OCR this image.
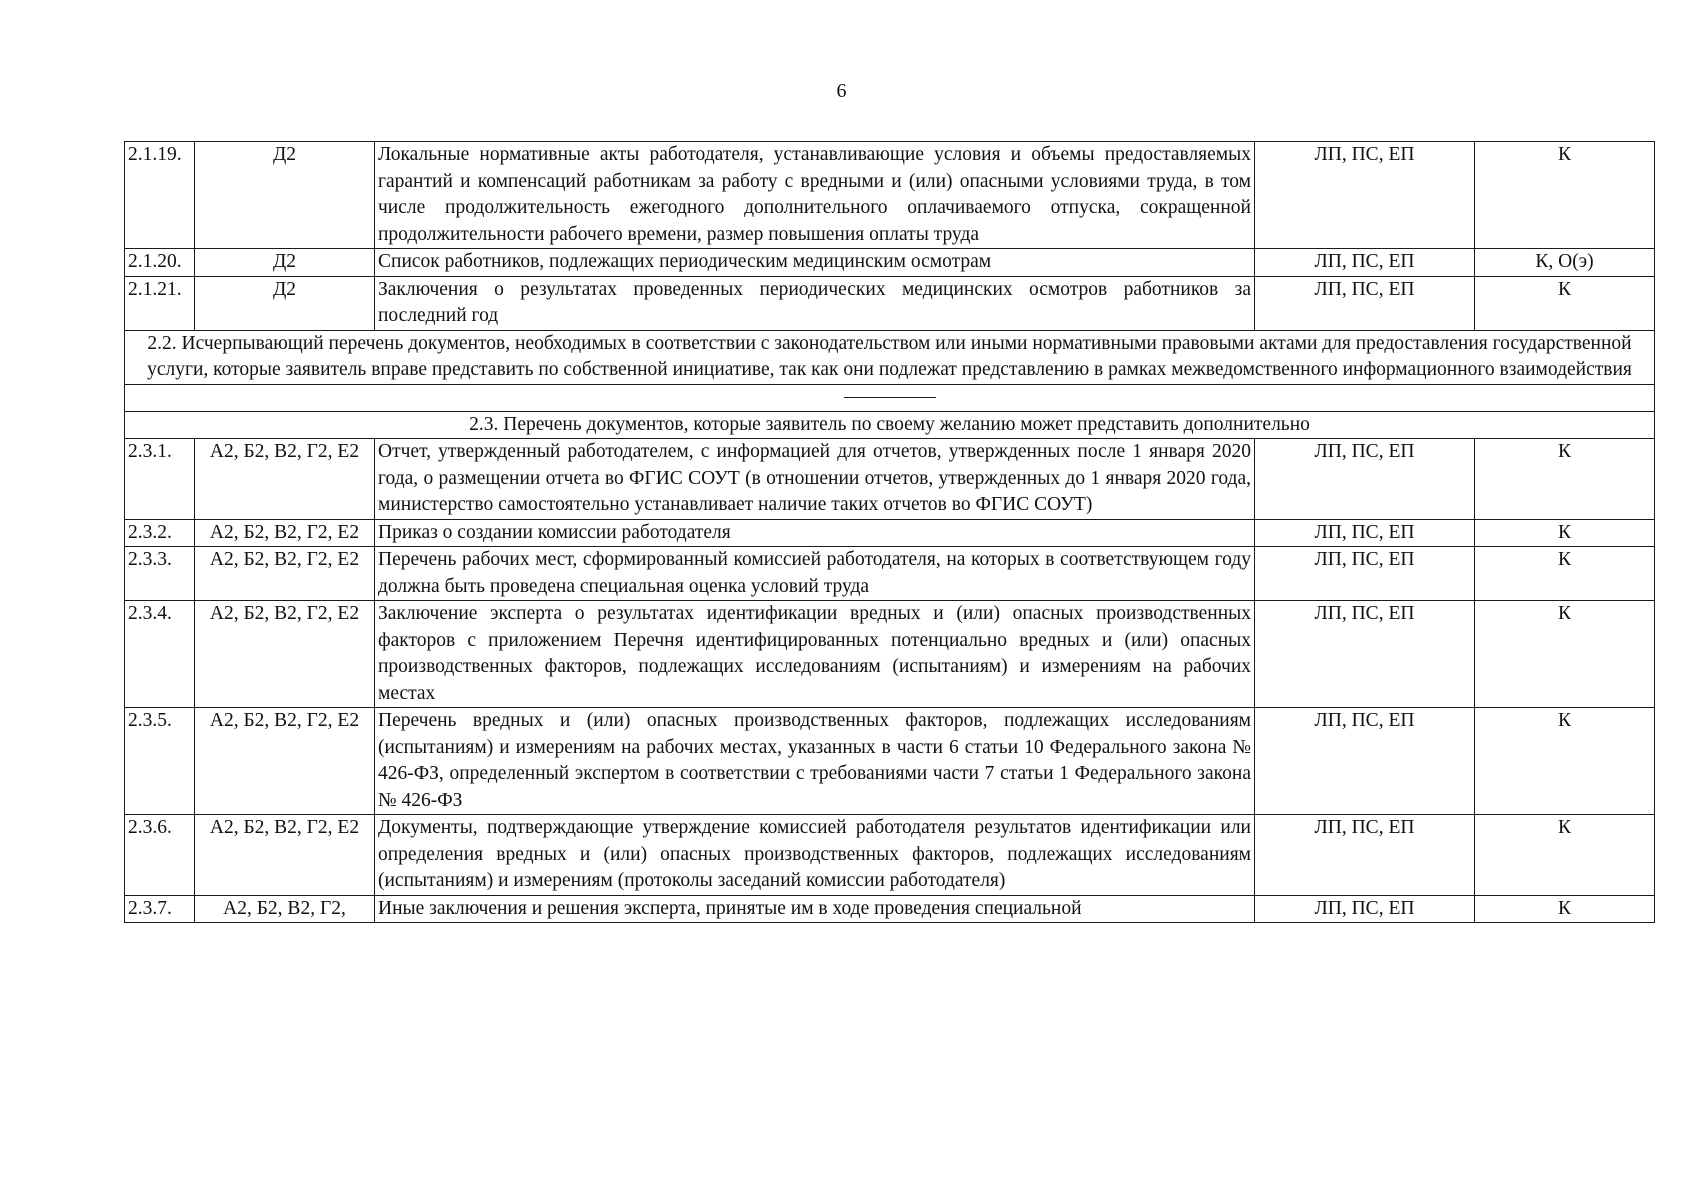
6
2.1.19.	Д2	Локальные нормативные акты работодателя, устанавливающие условия и объемы предоставляемых гарантий и компенсаций работникам за работу с вредными и (или) опасными условиями труда, в том числе продолжительность ежегодного дополнительного оплачиваемого отпуска, сокращенной продолжительности рабочего времени, размер повышения оплаты труда	ЛП, ПС, ЕП	К
2.1.20.	Д2	Список работников, подлежащих периодическим медицинским осмотрам	ЛП, ПС, ЕП	К, О(э)
2.1.21.	Д2	Заключения о результатах проведенных периодических медицинских осмотров работников за последний год	ЛП, ПС, ЕП	К
2.2. Исчерпывающий перечень документов, необходимых в соответствии с законодательством или иными нормативными правовыми актами для предоставления государственной услуги, которые заявитель вправе представить по собственной инициативе, так как они подлежат представлению в рамках межведомственного информационного взаимодействия				

2.3. Перечень документов, которые заявитель по своему желанию может представить дополнительно				
2.3.1.	А2, Б2, В2, Г2, Е2	Отчет, утвержденный работодателем, с информацией для отчетов, утвержденных после 1 января 2020 года, о размещении отчета во ФГИС СОУТ (в отношении отчетов, утвержденных до 1 января 2020 года, министерство самостоятельно устанавливает наличие таких отчетов во ФГИС СОУТ)	ЛП, ПС, ЕП	К
2.3.2.	А2, Б2, В2, Г2, Е2	Приказ о создании комиссии работодателя	ЛП, ПС, ЕП	К
2.3.3.	А2, Б2, В2, Г2, Е2	Перечень рабочих мест, сформированный комиссией работодателя, на которых в соответствующем году должна быть проведена специальная оценка условий труда	ЛП, ПС, ЕП	К
2.3.4.	А2, Б2, В2, Г2, Е2	Заключение эксперта о результатах идентификации вредных и (или) опасных производственных факторов с приложением Перечня идентифицированных потенциально вредных и (или) опасных производственных факторов, подлежащих исследованиям (испытаниям) и измерениям на рабочих местах	ЛП, ПС, ЕП	К
2.3.5.	А2, Б2, В2, Г2, Е2	Перечень вредных и (или) опасных производственных факторов, подлежащих исследованиям (испытаниям) и измерениям на рабочих местах, указанных в части 6 статьи 10 Федерального закона № 426-ФЗ, определенный экспертом в соответствии с требованиями части 7 статьи 1 Федерального закона № 426-ФЗ	ЛП, ПС, ЕП	К
2.3.6.	А2, Б2, В2, Г2, Е2	Документы, подтверждающие утверждение комиссией работодателя результатов идентификации или определения вредных и (или) опасных производственных факторов, подлежащих исследованиям (испытаниям) и измерениям (протоколы заседаний комиссии работодателя)	ЛП, ПС, ЕП	К
2.3.7.	А2, Б2, В2, Г2,	Иные заключения и решения эксперта, принятые им в ходе проведения специальной	ЛП, ПС, ЕП	К
